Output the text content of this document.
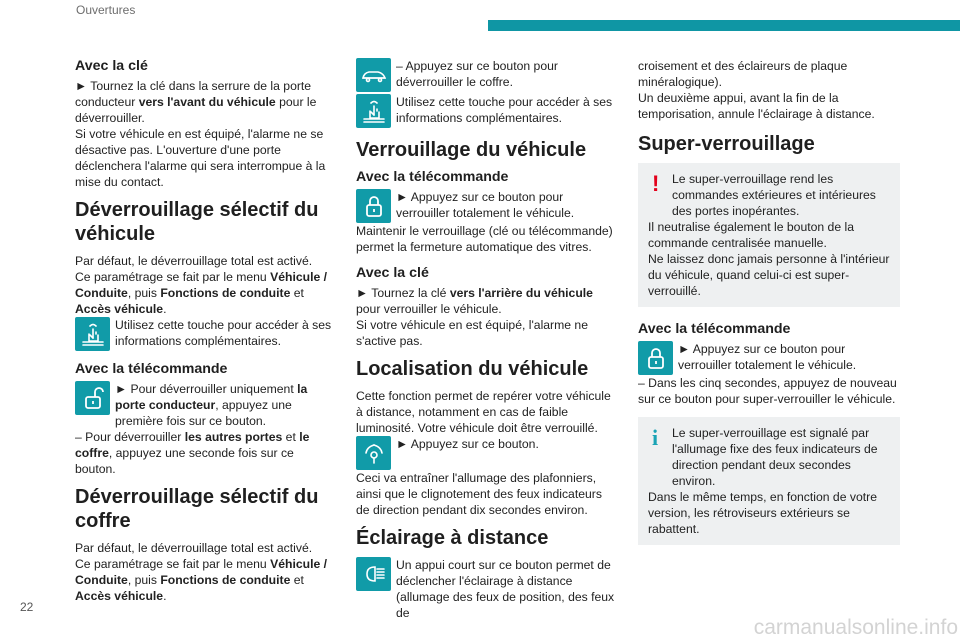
Ouvertures
Avec la clé

► Tournez la clé dans la serrure de la porte conducteur vers l'avant du véhicule pour le déverrouiller.

Si votre véhicule en est équipé, l'alarme ne se désactive pas. L'ouverture d'une porte déclenchera l'alarme qui sera interrompue à la mise du contact.

Déverrouillage sélectif du véhicule

Par défaut, le déverrouillage total est activé.

Ce paramétrage se fait par le menu Véhicule / Conduite, puis Fonctions de conduite et Accès véhicule.

Utilisez cette touche pour accéder à ses informations complémentaires.
Avec la télécommande
► Pour déverrouiller uniquement la porte conducteur, appuyez une première fois sur ce bouton.

– Pour déverrouiller les autres portes et le coffre, appuyez une seconde fois sur ce bouton.

Déverrouillage sélectif du coffre

Par défaut, le déverrouillage total est activé.

Ce paramétrage se fait par le menu Véhicule / Conduite, puis Fonctions de conduite et Accès véhicule.

– Appuyez sur ce bouton pour déverrouiller le coffre.
Utilisez cette touche pour accéder à ses informations complémentaires.
Verrouillage du véhicule
Avec la télécommande
► Appuyez sur ce bouton pour verrouiller totalement le véhicule.

Maintenir le verrouillage (clé ou télécommande) permet la fermeture automatique des vitres.

Avec la clé

► Tournez la clé vers l'arrière du véhicule pour verrouiller le véhicule.

Si votre véhicule en est équipé, l'alarme ne s'active pas.

Localisation du véhicule

Cette fonction permet de repérer votre véhicule à distance, notamment en cas de faible luminosité. Votre véhicule doit être verrouillé.

► Appuyez sur ce bouton.

Ceci va entraîner l'allumage des plafonniers, ainsi que le clignotement des feux indicateurs de direction pendant dix secondes environ.

Éclairage à distance
Un appui court sur ce bouton permet de déclencher l'éclairage à distance (allumage des feux de position, des feux de

croisement et des éclaireurs de plaque minéralogique).

Un deuxième appui, avant la fin de la temporisation, annule l'éclairage à distance.

Super-verrouillage
!	Le super-verrouillage rend les commandes extérieures et intérieures des portes inopérantes.

Il neutralise également le bouton de la commande centralisée manuelle.

Ne laissez donc jamais personne à l'intérieur du véhicule, quand celui-ci est super-verrouillé.

Avec la télécommande
► Appuyez sur ce bouton pour verrouiller totalement le véhicule.

– Dans les cinq secondes, appuyez de nouveau sur ce bouton pour super-verrouiller le véhicule.

i	Le super-verrouillage est signalé par l'allumage fixe des feux indicateurs de direction pendant deux secondes environ.

Dans le même temps, en fonction de votre version, les rétroviseurs extérieurs se rabattent.

22
carmanualsonline.info
